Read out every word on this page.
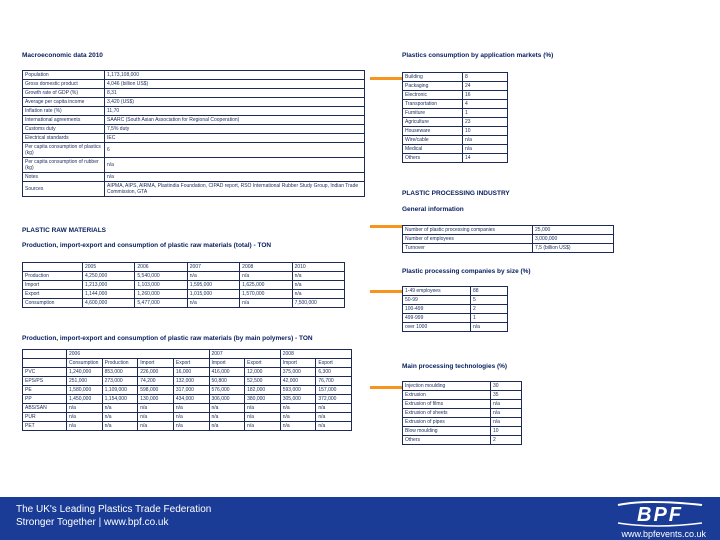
Macroeconomic data 2010
Population	1,173,108,000
Gross domestic product	4,046 (billion US$)
Growth rate of GDP (%)	8,31
Average per capita income	3,420 (US$)
Inflation rate (%)	11,70
International agreements	SAARC (South Asian Association for Regional Cooperation)
Customs duty	7,5% duty
Electrical standards	IEC
Per capita consumption of plastics (kg)	6
Per capita consumption of rubber (kg)	n/a
Notes	n/a
Sources	AIPMA, AIPS, AIRMA, Plastindia Foundation, CIPAD report, RSO International Rubber Study Group, Indian Trade Commission, GTA
PLASTIC RAW MATERIALS
Production, import-export and consumption of plastic raw materials (total) - TON
	2005	2006	2007	2008	2010
Production	4,250,000	5,540,000	n/a	n/a	n/a
Import	1,213,000	1,103,000	1,595,000	1,625,000	n/a
Export	1,144,000	1,260,000	1,015,000	1,570,000	n/a
Consumption	4,600,000	5,477,000	n/a	n/a	7,500,000
Production, import-export and consumption of plastic raw materials (by main polymers) - TON
	2006				2007		2008	
	Consumption	Production	Import	Export	Import	Export	Import	Export
PVC	1,240,000	853,000	226,000	16,000	416,000	12,000	375,000	6,300
EPS/PS	251,000	273,000	74,200	132,000	50,800	52,500	42,000	76,700
PE	1,580,000	1,109,000	598,000	317,000	576,000	182,000	593,000	157,000
PP	1,450,000	1,154,000	130,000	434,000	306,000	380,000	305,000	372,000
ABS/SAN	n/a	n/a	n/a	n/a	n/a	n/a	n/a	n/a
PUR	n/a	n/a	n/a	n/a	n/a	n/a	n/a	n/a
PET	n/a	n/a	n/a	n/a	n/a	n/a	n/a	n/a
Plastics consumption by application markets (%)
Building	8
Packaging	24
Electronic	16
Transportation	4
Furniture	1
Agriculture	23
Houseware	10
Wire/cable	n/a
Medical	n/a
Others	14
PLASTIC PROCESSING INDUSTRY
General information
Number of plastic processing companies	25,000
Number of employees	3,000,000
Turnover	7,5 (billion US$)
Plastic processing companies by size (%)
1-49 employees	88
50-99	5
100-499	2
499-999	1
over 1000	n/a
Main processing technologies (%)
Injection moulding	30
Extrusion	35
Extrusion of films	n/a
Extrusion of sheets	n/a
Extrusion of pipes	n/a
Blow moulding	10
Others	2
The UK's Leading Plastics Trade Federation
Stronger Together | www.bpf.co.uk	BPF
www.bpfevents.co.uk
